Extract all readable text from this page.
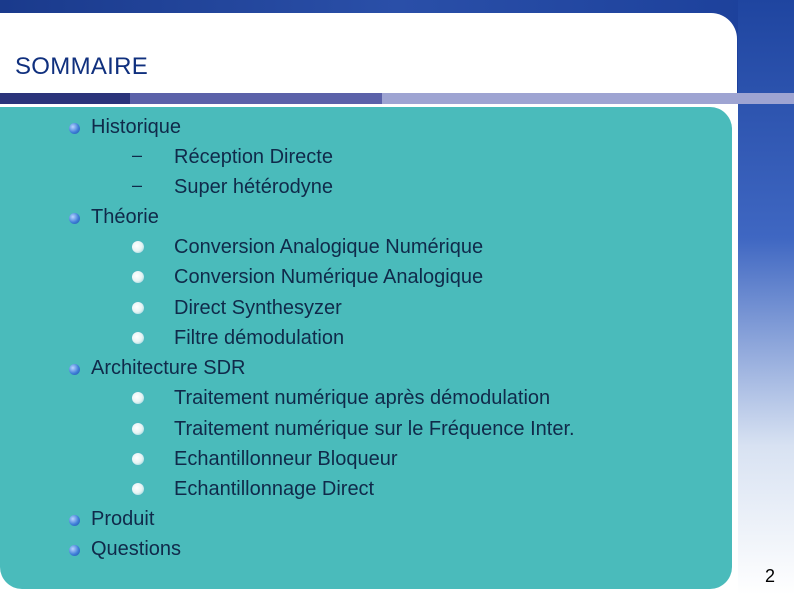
SOMMAIRE
Historique
– Réception Directe
– Super hétérodyne
Théorie
Conversion Analogique Numérique
Conversion Numérique Analogique
Direct Synthesyzer
Filtre démodulation
Architecture SDR
Traitement numérique après démodulation
Traitement numérique sur le Fréquence Inter.
Echantillonneur Bloqueur
Echantillonnage Direct
Produit
Questions
2
